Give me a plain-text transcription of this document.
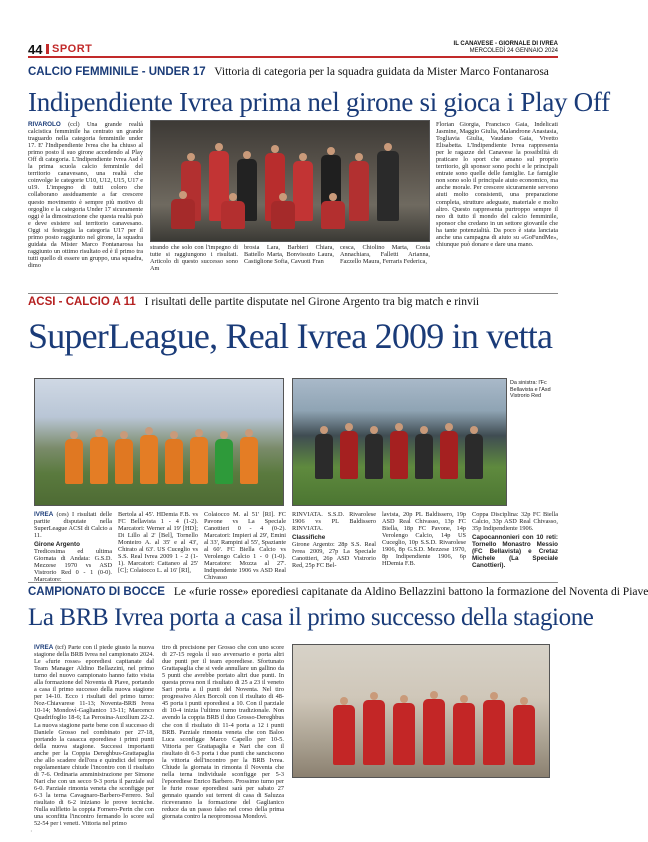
44 SPORT	IL CANAVESE - GIORNALE DI IVREA
MERCOLEDÌ 24 GENNAIO 2024
CALCIO FEMMINILE - UNDER 17 Vittoria di categoria per la squadra guidata da Mister Marco Fontanarosa
Indipendiente Ivrea prima nel girone si gioca i Play Off
RIVAROLO (ccl) Una grande realtà calcistica femminile ha centrato un grande traguardo nella categoria femminile under 17. E' l'Indipendiente Ivrea che ha chiuso al primo posto il suo girone accedendo al Play Off di categoria. L'Indipendiente Ivrea Asd è la prima scuola calcio femminile del territorio canavesano, una realtà che coinvolge le categorie U10, U12, U15, U17 e u19. L'impegno di tutti coloro che collaborano assiduamente a far crescere questo movimento è sempre più motivo di orgoglio e la categoria Under 17 sicuramente oggi è la dimostrazione che questa realtà può e deve esistere sul territorio canavesano. Oggi si festeggia la categoria U17 per il primo posto raggiunto nel girone, la squadra guidata da Mister Marco Fontanarosa ha raggiunto un ottimo risultato ed è il primo tra tutti quello di essere un gruppo, una squadra, dimo
strando che solo con l'impegno di tutte si raggiungono i risultati. Articolo di questo successo sono Am
brosia Lara, Barbieri Chiara, Battello Marta, Bonvissuto Laura, Castiglione Sofia, Cavuoti Fran
cesca, Chiolino Marta, Costa Annachiara, Falletti Arianna, Fazzello Maura, Ferraris Federica,
Florian Giorgia, Francisco Gaia, Indelicati Jasmine, Maggio Giulia, Malandrone Anastasia, Togliavia Giulia, Vaudano Gaia, Vivetto Elisabetta. L'Indipendiente Ivrea rappresenta per le ragazze del Canavese la possibilità di praticare lo sport che amano sul proprio territorio, gli sponsor sono pochi e le principali entrate sono quelle delle famiglie. Le famiglie non sono solo il principale aiuto economico, ma anche morale. Per crescere sicuramente servono aiuti molto consistenti, una preparazione completa, strutture adeguate, materiale e molto altro. Questo rappresenta purtroppo sempre il neo di tutto il mondo del calcio femminile, sponsor che credano in un settore giovanile che ha tante potenzialità. Da poco è stata lanciata anche una campagna di aiuto su «GoFundMe», chiunque può donare e dare una mano.
ACSI - CALCIO A 11 I risultati delle partite disputate nel Girone Argento tra big match e rinvii
SuperLeague, Real Ivrea 2009 in vetta
Da sinistra: l'Fc Bellavista e l'Asd Vistrorio Red
IVREA (ces) I risultati delle partite disputate nella SuperLeague ACSI di Calcio a 11.
Girone Argento
Tredicesima ed ultima Giornata di Andata: G.S.D. Mezzese 1970 vs ASD Vistrorio Red 0 - 1 (0-0). Marcatore:
Bertola al 45'. HDemia F.B. vs FC Bellavista 1 - 4 (1-2). Marcatori: Werner al 19' [HD]; Di Lillo al 2' [Bel], Tornello Monteiro A. al 35' e al 43', Chirato al 63'. US Cuceglio vs S.S. Real Ivrea 2009 1 - 2 (1-1). Marcatori: Cattaneo al 25' [C]; Colaiocco L. al 16' [RI],
Colaiocco M. al 51' [RI]. FC Pavone vs La Speciale Canottieri 0 - 4 (0-2). Marcatori: Impieri al 29', Emini al 33', Rampini al 55', Spaziante al 60'. FC Biella Calcio vs Verolengo Calcio 1 - 0 (1-0). Marcatore: Mozza al 27'. Indipendente 1906 vs ASD Real Chivasso
RINVIATA. S.S.D. Rivarolese 1906 vs PL Baldissero RINVIATA.
Classifiche
Girone Argento: 28p S.S. Real Ivrea 2009, 27p La Speciale Canottieri, 26p ASD Vistrorio Red, 25p FC Bel-
lavista, 20p PL Baldissero, 19p ASD Real Chivasso, 13p FC Biella, 18p FC Pavone, 14p Verolengo Calcio, 14p US Cuceglio, 10p S.S.D. Rivarolese 1906, 8p G.S.D. Mezzese 1970, 8p Indipendiente 1906, 6p HDemia F.B.
Coppa Disciplina: 32p FC Biella Calcio, 33p ASD Real Chivasso, 35p Indipendiente 1906.
Capocannonieri con 10 reti: Tornello Monastro Messio (FC Bellavista) e Cretaz Michele (La Speciale Canottieri).
CAMPIONATO DI BOCCE Le «furie rosse» eporediesi capitanate da Aldino Bellazzini battono la formazione del Noventa di Piave
La BRB Ivrea porta a casa il primo successo della stagione
IVREA (tcf) Parte con il piede giusto la nuova stagione della BRB Ivrea nel campionato 2024. Le «furie rosse» eporediesi capitanate dal Team Manager Aldino Bellazzini, nel primo turno del nuovo campionato hanno fatto visita alla formazione del Noventa di Piave, portando a casa il primo successo della nuova stagione per 14-10. Ecco i risultati del primo turno: Noz-Chiavarese 11-13; Noventa-BRB Ivrea 10-14; Mondovì-Gaglianico 13-11; Marcenco Quadrifoglio 18-6; La Perosina-Auxilium 22-2. La nuova stagione parte bene con il successo di Daniele Grosso nel combinato per 27-18, portando la casacca eporediese i primi punti della nuova stagione. Successi importanti anche per la Coppia Dereghbus-Grattapaglia che allo scadere dell'ora e quindici del tempo regolamentare chiude l'incontro con il risultato di 7-6. Ordinaria amministrazione per Simone Nari che con un secco 9-3 porta il parziale sul 6-0. Parziale rimonta veneta che sconfigge per 6-3 la terna Cavagnaro-Barbero-Ferrero. Sul risultato di 6-2 iniziano le prove tecniche. Nulla sulfletto la coppia Fornero-Perin che con una sconfitta l'incontro fermando lo score sul 52-54 per i veneti. Vittoria nel primo
tiro di precisione per Grosso che con uno score di 27-15 regola il suo avversario e porta altri due punti per il team eporediese. Sfortunato Grattapaglia che si vede annullare un gallino da 5 punti che avrebbe portato altri due punti. In questa prova non il risultato di 25 a 23 il veneto Sari porta a il punti del Noventa. Nel tiro progressivo Alex Borcoli con il risultato di 48-45 porta i punti eporediesi a 10. Con il parziale di 10-4 inizia l'ultimo turno tradizionale. Non avendo la coppia BRB il duo Grosso-Dereghbus che con il risultato di 11-4 porta a 12 i punti BRB. Parziale rimonta veneta che con Baloo Luca sconfigge Marco Capello per 10-5. Vittoria per Grattapaglia e Nari che con il risultato di 6-3 porta i due punti che sanciscono la vittoria dell'incontro per la BRB Ivrea. Chiude la giornata in rimonta il Noventa che nella terna individuale sconfigge per 5-3 l'eporediese Enrico Barbero. Prossimo turno per le furie rosse eporediesi sarà per sabato 27 gennaio quando sui terreni di casa di Saluzza riceveranno la formazione del Gaglianico reduce da un passo falso nel corso della prima giornata contro la neopromossa Mondovì.
·
